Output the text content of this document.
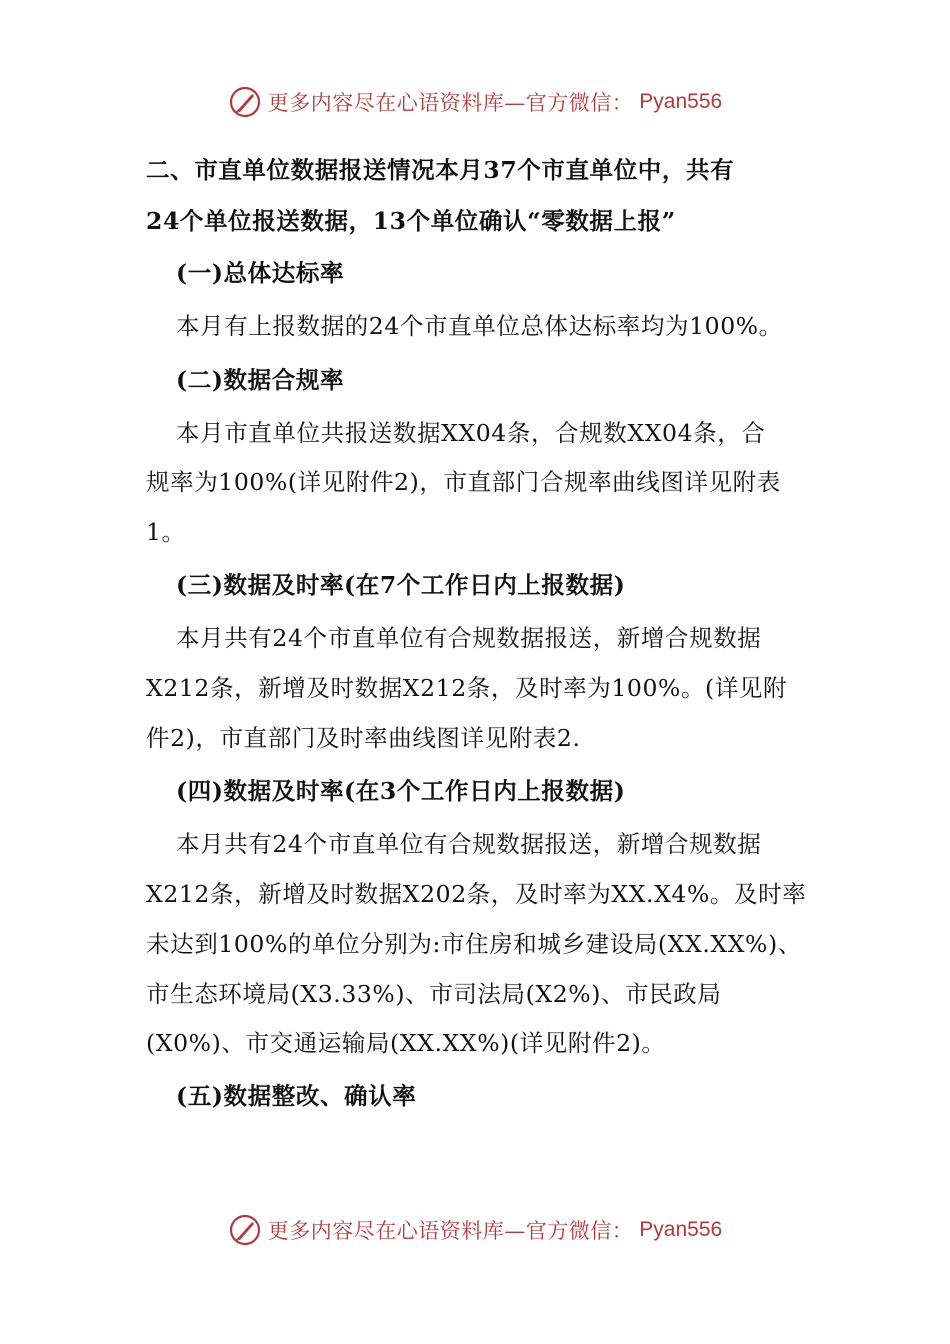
更多内容尽在心语资料库—官方微信： Pyan556
二、市直单位数据报送情况本月37个市直单位中，共有
24个单位报送数据，13个单位确认“零数据上报”
(一)总体达标率
本月有上报数据的24个市直单位总体达标率均为100%。
(二)数据合规率
本月市直单位共报送数据XX04条，合规数XX04条，合
规率为100%(详见附件2)，市直部门合规率曲线图详见附表
1。
(三)数据及时率(在7个工作日内上报数据)
本月共有24个市直单位有合规数据报送，新增合规数据
X212条，新增及时数据X212条，及时率为100%。(详见附
件2)，市直部门及时率曲线图详见附表2.
(四)数据及时率(在3个工作日内上报数据)
本月共有24个市直单位有合规数据报送，新增合规数据
X212条，新增及时数据X202条，及时率为XX.X4%。及时率
未达到100%的单位分别为:市住房和城乡建设局(XX.XX%)、
市生态环境局(X3.33%)、市司法局(X2%)、市民政局
(X0%)、市交通运输局(XX.XX%)(详见附件2)。
(五)数据整改、确认率
更多内容尽在心语资料库—官方微信： Pyan556
